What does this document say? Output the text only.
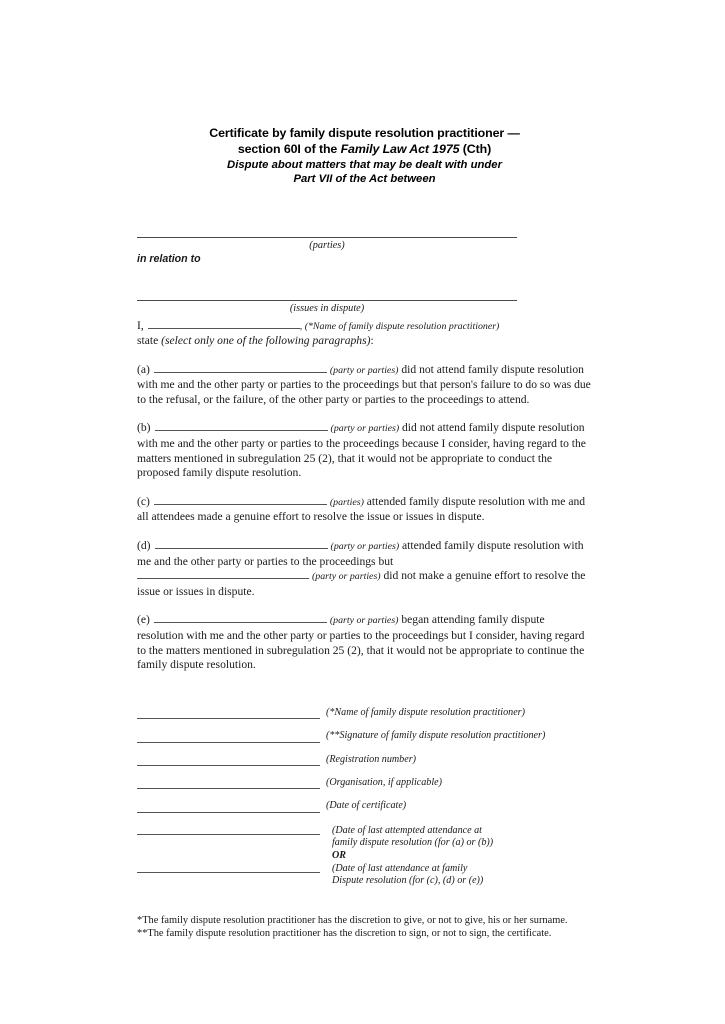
Certificate by family dispute resolution practitioner —
section 60I of the Family Law Act 1975 (Cth)
Dispute about matters that may be dealt with under
Part VII of the Act between
(parties)
in relation to
(issues in dispute)
I,	, (*Name of family dispute resolution practitioner)
state (select only one of the following paragraphs):
(a)	(party or parties) did not attend family dispute resolution with me and the other party or parties to the proceedings but that person's failure to do so was due to the refusal, or the failure, of the other party or parties to the proceedings to attend.
(b)	(party or parties) did not attend family dispute resolution with me and the other party or parties to the proceedings because I consider, having regard to the matters mentioned in subregulation 25 (2), that it would not be appropriate to conduct the proposed family dispute resolution.
(c)	(parties) attended family dispute resolution with me and all attendees made a genuine effort to resolve the issue or issues in dispute.
(d)	(party or parties) attended family dispute resolution with me and the other party or parties to the proceedings but
(party or parties) did not make a genuine effort to resolve the issue or issues in dispute.
(e)	(party or parties) began attending family dispute resolution with me and the other party or parties to the proceedings but I consider, having regard to the matters mentioned in subregulation 25 (2), that it would not be appropriate to continue the family dispute resolution.
(*Name of family dispute resolution practitioner)
(**Signature of family dispute resolution practitioner)
(Registration number)
(Organisation, if applicable)
(Date of certificate)
(Date of last attempted attendance at
family dispute resolution (for (a) or (b))
OR
(Date of last attendance at family
Dispute resolution (for (c), (d) or (e))
*The family dispute resolution practitioner has the discretion to give, or not to give, his or her surname.
**The family dispute resolution practitioner has the discretion to sign, or not to sign, the certificate.
